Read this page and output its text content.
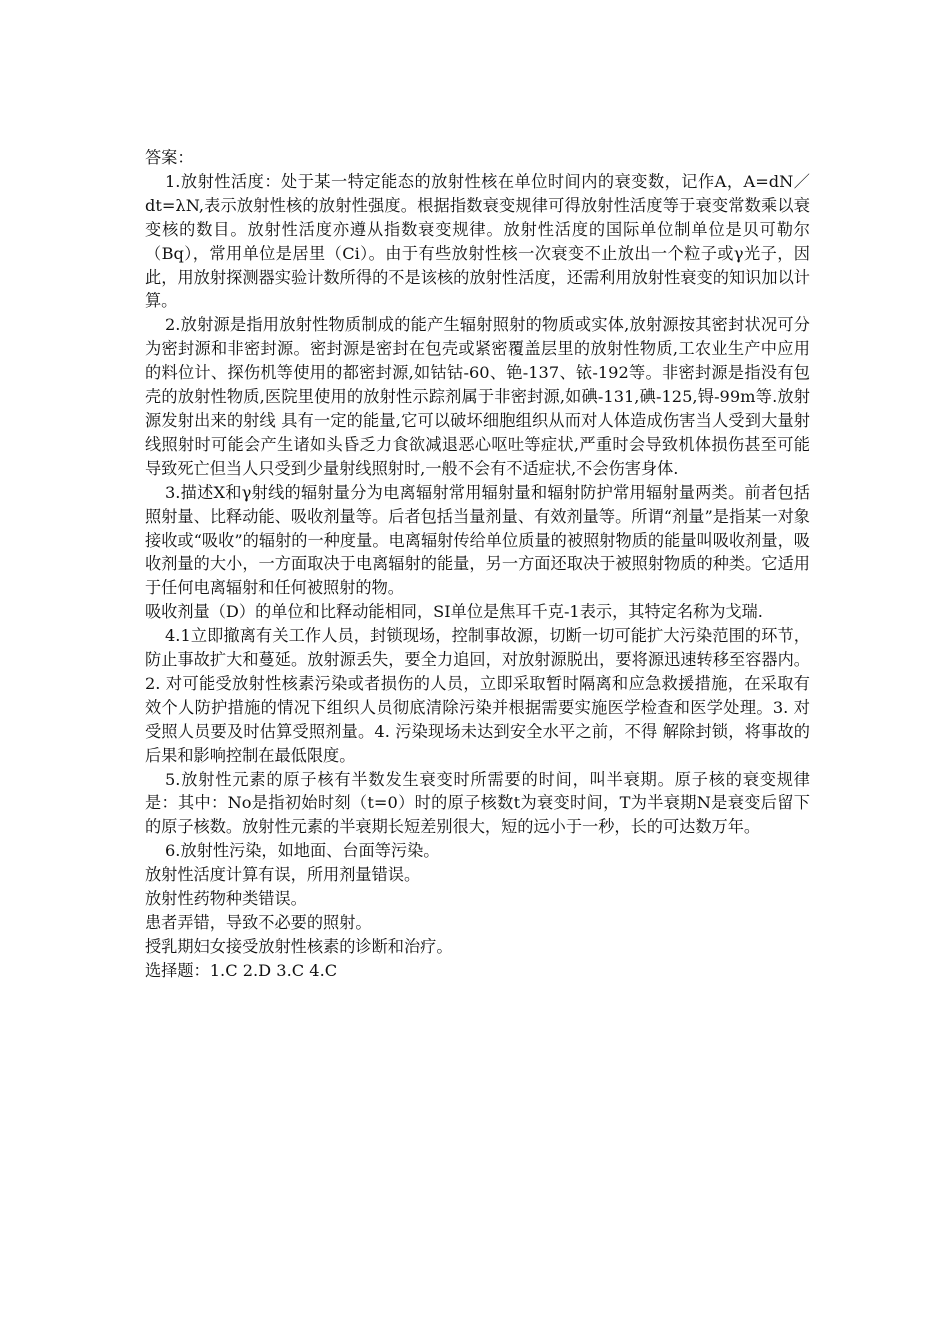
答案：

1.放射性活度：处于某一特定能态的放射性核在单位时间内的衰变数，记作A，A=dN／dt=λN,表示放射性核的放射性强度。根据指数衰变规律可得放射性活度等于衰变常数乘以衰变核的数目。放射性活度亦遵从指数衰变规律。放射性活度的国际单位制单位是贝可勒尔（Bq），常用单位是居里（Ci）。由于有些放射性核一次衰变不止放出一个粒子或γ光子，因此，用放射探测器实验计数所得的不是该核的放射性活度，还需利用放射性衰变的知识加以计算。

2.放射源是指用放射性物质制成的能产生辐射照射的物质或实体,放射源按其密封状况可分为密封源和非密封源。密封源是密封在包壳或紧密覆盖层里的放射性物质,工农业生产中应用的料位计、探伤机等使用的都密封源,如钴钴-60、铯-137、铱-192等。非密封源是指没有包壳的放射性物质,医院里使用的放射性示踪剂属于非密封源,如碘-131,碘-125,锝-99m等.放射源发射出来的射线 具有一定的能量,它可以破坏细胞组织从而对人体造成伤害当人受到大量射线照射时可能会产生诸如头昏乏力食欲减退恶心呕吐等症状,严重时会导致机体损伤甚至可能导致死亡但当人只受到少量射线照射时,一般不会有不适症状,不会伤害身体.

3.描述X和γ射线的辐射量分为电离辐射常用辐射量和辐射防护常用辐射量两类。前者包括照射量、比释动能、吸收剂量等。后者包括当量剂量、有效剂量等。所谓“剂量”是指某一对象接收或“吸收”的辐射的一种度量。电离辐射传给单位质量的被照射物质的能量叫吸收剂量，吸收剂量的大小，一方面取决于电离辐射的能量，另一方面还取决于被照射物质的种类。它适用于任何电离辐射和任何被照射的物。

吸收剂量（D）的单位和比释动能相同，SI单位是焦耳千克-1表示，其特定名称为戈瑞.

4.1立即撤离有关工作人员，封锁现场，控制事故源，切断一切可能扩大污染范围的环节，防止事故扩大和蔓延。放射源丢失，要全力追回，对放射源脱出，要将源迅速转移至容器内。2. 对可能受放射性核素污染或者损伤的人员，立即采取暂时隔离和应急救援措施，在采取有效个人防护措施的情况下组织人员彻底清除污染并根据需要实施医学检查和医学处理。3. 对受照人员要及时估算受照剂量。4. 污染现场未达到安全水平之前，不得 解除封锁，将事故的后果和影响控制在最低限度。

5.放射性元素的原子核有半数发生衰变时所需要的时间，叫半衰期。原子核的衰变规律是：其中：No是指初始时刻（t=0）时的原子核数t为衰变时间，T为半衰期N是衰变后留下的原子核数。放射性元素的半衰期长短差别很大，短的远小于一秒，长的可达数万年。

6.放射性污染，如地面、台面等污染。

放射性活度计算有误，所用剂量错误。

放射性药物种类错误。

患者弄错，导致不必要的照射。

授乳期妇女接受放射性核素的诊断和治疗。

选择题：1.C 2.D 3.C 4.C
